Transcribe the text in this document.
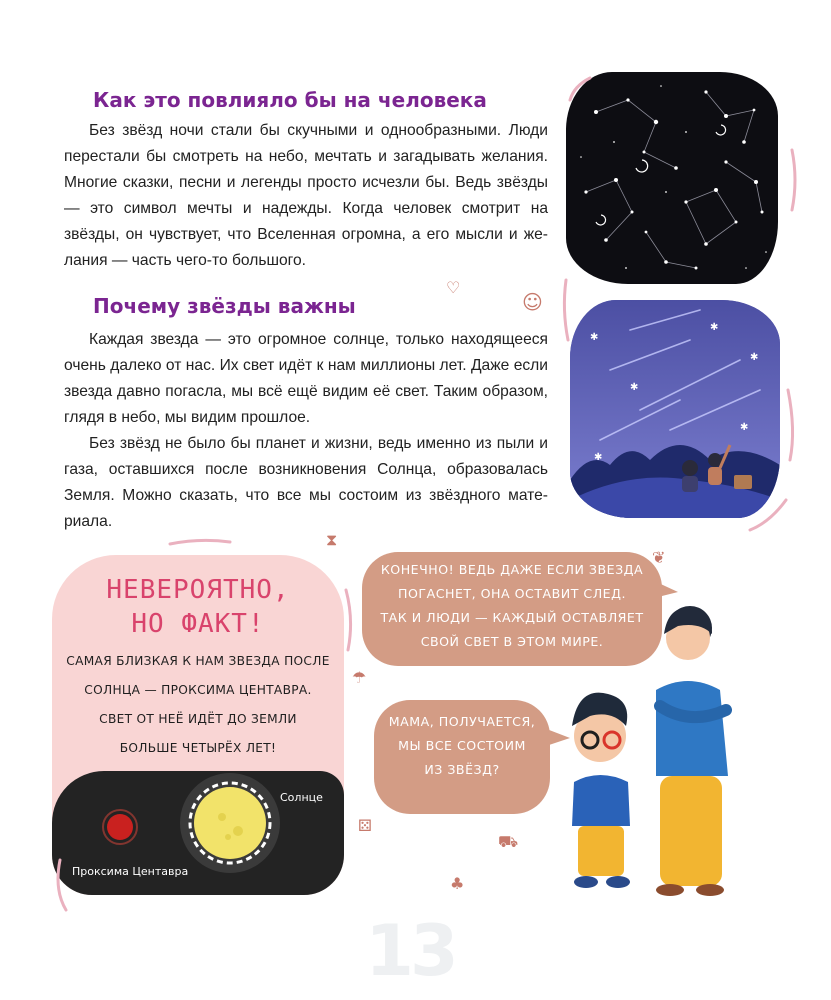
Как это повлияло бы на человека

Без звёзд ночи стали бы скучными и однообразными. Люди перестали бы смотреть на небо, мечтать и загадывать желания. Многие сказки, песни и легенды просто исчезли бы. Ведь звёзды — это символ мечты и надежды. Когда человек смотрит на звёзды, он чувствует, что Вселенная огромна, а его мысли и желания — часть чего-то большого.

Почему звёзды важны

Каждая звезда — это огромное солнце, только находящееся очень далеко от нас. Их свет идёт к нам миллионы лет. Даже если звезда давно погасла, мы всё ещё видим её свет. Таким образом, глядя в небо, мы видим прошлое.

Без звёзд не было бы планет и жизни, ведь именно из пыли и газа, оставшихся после возникновения Солнца, образовалась Земля. Можно сказать, что все мы состоим из звёздного материала.

✱
✱
✱
✱
✱
✱
НЕВЕРОЯТНО,
НО ФАКТ!
САМАЯ БЛИЗКАЯ К НАМ ЗВЕЗДА ПОСЛЕ
СОЛНЦА — ПРОКСИМА ЦЕНТАВРА.
СВЕТ ОТ НЕЁ ИДЁТ ДО ЗЕМЛИ
БОЛЬШЕ ЧЕТЫРЁХ ЛЕТ!
Солнце
Проксима Центавра
КОНЕЧНО! ВЕДЬ ДАЖЕ ЕСЛИ ЗВЕЗДА
ПОГАСНЕТ, ОНА ОСТАВИТ СЛЕД.
ТАК И ЛЮДИ — КАЖДЫЙ ОСТАВЛЯЕТ
СВОЙ СВЕТ В ЭТОМ МИРЕ.
МАМА, ПОЛУЧАЕТСЯ,
МЫ ВСЕ СОСТОИМ
ИЗ ЗВЁЗД?
♡
☺
⧗
❦
☂
⚄
⛟
♣
13
